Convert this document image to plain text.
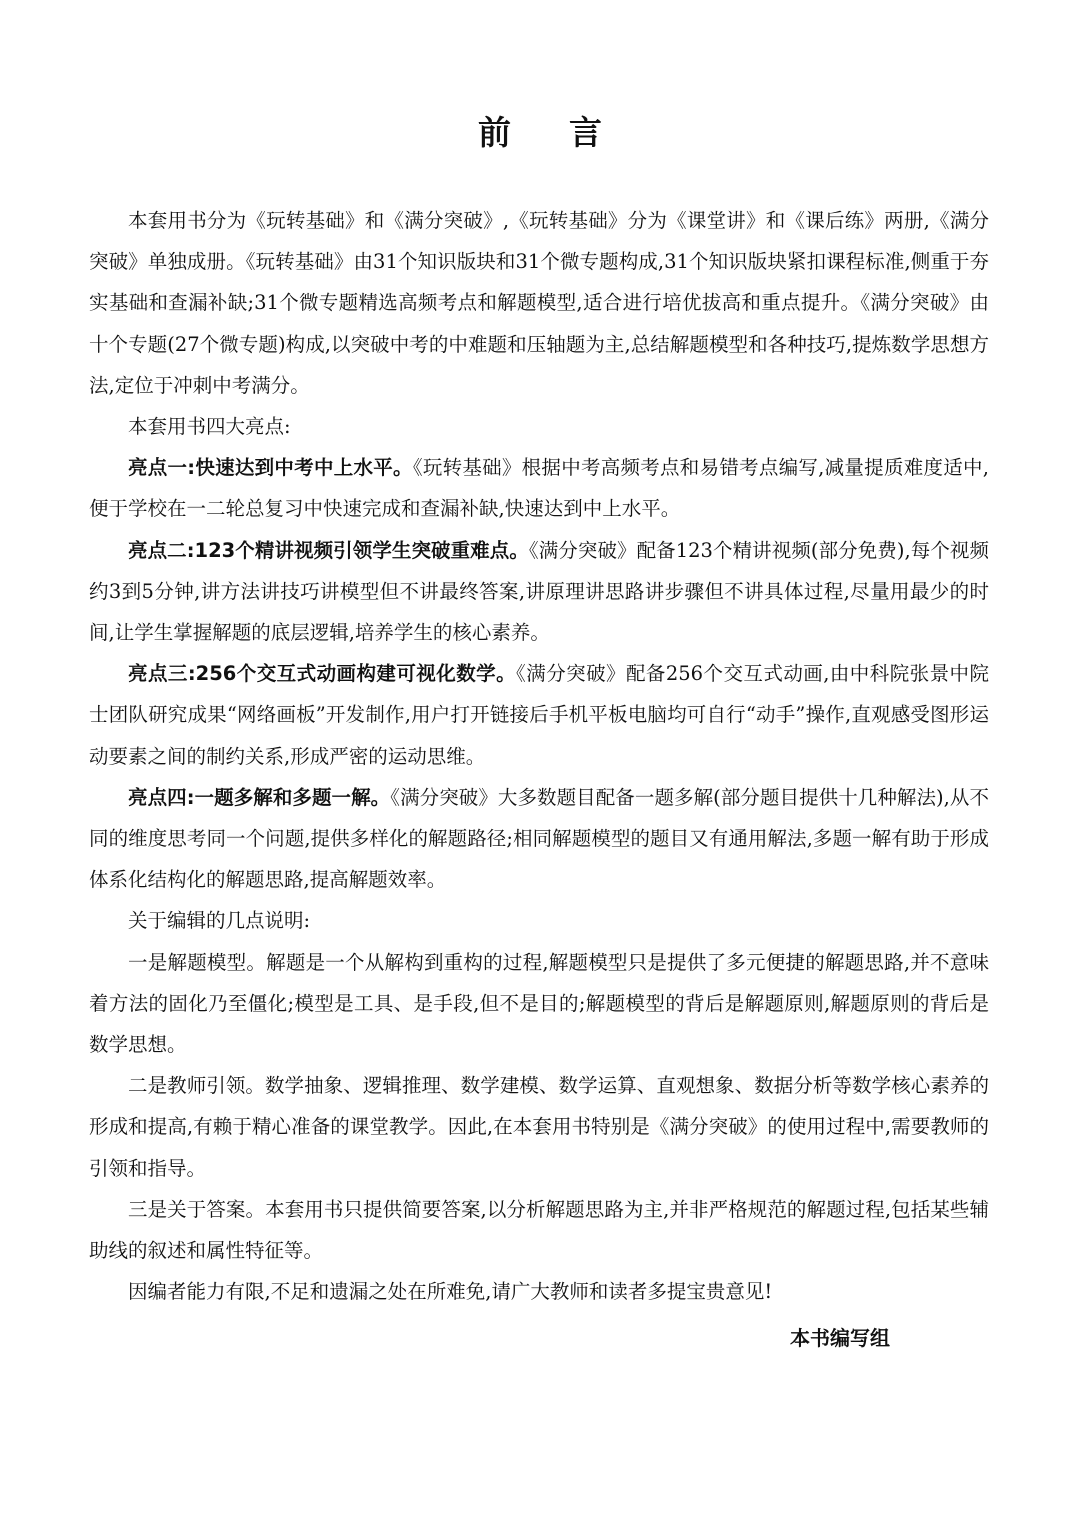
前 言

本套用书分为《玩转基础》和《满分突破》,《玩转基础》分为《课堂讲》和《课后练》两册,《满分突破》单独成册。《玩转基础》由31个知识版块和31个微专题构成,31个知识版块紧扣课程标准,侧重于夯实基础和查漏补缺;31个微专题精选高频考点和解题模型,适合进行培优拔高和重点提升。《满分突破》由十个专题(27个微专题)构成,以突破中考的中难题和压轴题为主,总结解题模型和各种技巧,提炼数学思想方法,定位于冲刺中考满分。

本套用书四大亮点:

亮点一:快速达到中考中上水平。《玩转基础》根据中考高频考点和易错考点编写,减量提质难度适中,便于学校在一二轮总复习中快速完成和查漏补缺,快速达到中上水平。

亮点二:123个精讲视频引领学生突破重难点。《满分突破》配备123个精讲视频(部分免费),每个视频约3到5分钟,讲方法讲技巧讲模型但不讲最终答案,讲原理讲思路讲步骤但不讲具体过程,尽量用最少的时间,让学生掌握解题的底层逻辑,培养学生的核心素养。

亮点三:256个交互式动画构建可视化数学。《满分突破》配备256个交互式动画,由中科院张景中院士团队研究成果“网络画板”开发制作,用户打开链接后手机平板电脑均可自行“动手”操作,直观感受图形运动要素之间的制约关系,形成严密的运动思维。

亮点四:一题多解和多题一解。《满分突破》大多数题目配备一题多解(部分题目提供十几种解法),从不同的维度思考同一个问题,提供多样化的解题路径;相同解题模型的题目又有通用解法,多题一解有助于形成体系化结构化的解题思路,提高解题效率。

关于编辑的几点说明:

一是解题模型。解题是一个从解构到重构的过程,解题模型只是提供了多元便捷的解题思路,并不意味着方法的固化乃至僵化;模型是工具、是手段,但不是目的;解题模型的背后是解题原则,解题原则的背后是数学思想。

二是教师引领。数学抽象、逻辑推理、数学建模、数学运算、直观想象、数据分析等数学核心素养的形成和提高,有赖于精心准备的课堂教学。因此,在本套用书特别是《满分突破》的使用过程中,需要教师的引领和指导。

三是关于答案。本套用书只提供简要答案,以分析解题思路为主,并非严格规范的解题过程,包括某些辅助线的叙述和属性特征等。

因编者能力有限,不足和遗漏之处在所难免,请广大教师和读者多提宝贵意见!

本书编写组
